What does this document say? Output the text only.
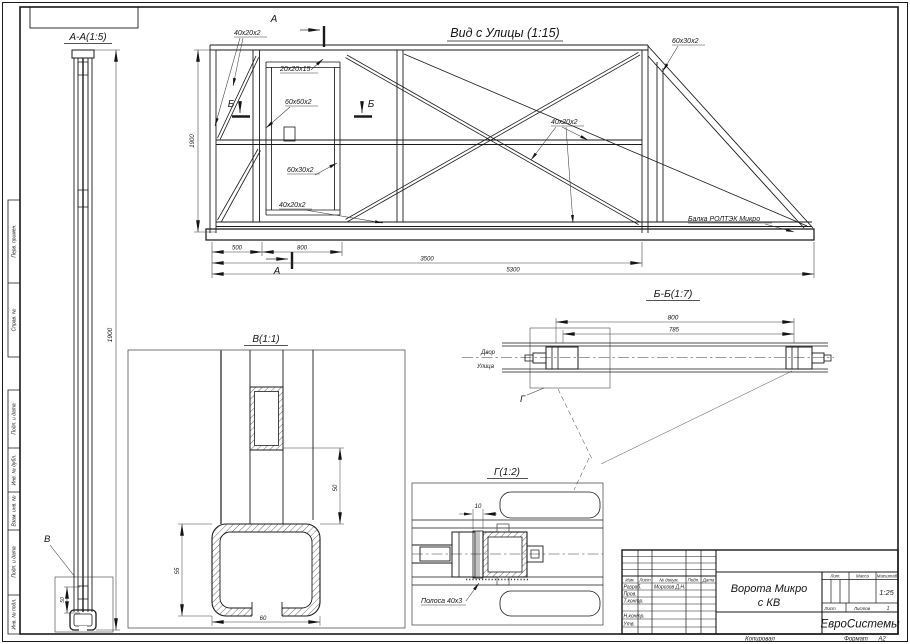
Перв. примен.
Справ. №
Подп. и дата
Инв. № дубл.
Взам. инв. №
Подп. и дата
Инв. № подл.
А-А(1:5)
1900
В
50
Вид с Улицы (1:15)
40х20х2
20х20х15
60х60х2
60х30х2
40х20х2
40х20х2
60х30х2
Балка РОЛТЭК Микро
А
А
Б	Б
1900
500	800
3500
5300
Б-Б(1:7)
Г
800
785
Двор
Улица
В(1:1)
50
55
60
Г(1:2)
10
Полоса 40х3
Изм. Лист № докум. Подп. Дата
Разраб. Морозов Д.Н.
Пров.
Т.контр.
Н.контр.
Утв.
Ворота Микро
с КВ
Лит.	Масса Масштаб
1:25
Лист	Листов	1
ЕвроСистемы
Копировал	Формат А2
